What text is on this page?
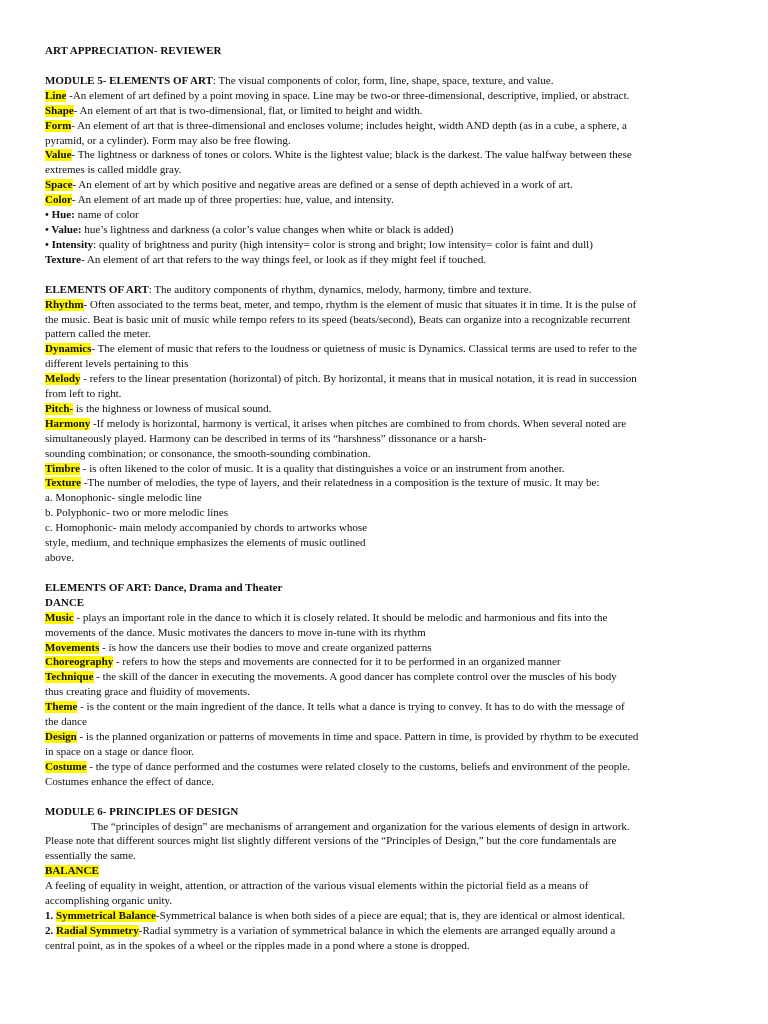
ART APPRECIATION- REVIEWER
MODULE 5- ELEMENTS OF ART: The visual components of color, form, line, shape, space, texture, and value.
Line -An element of art defined by a point moving in space. Line may be two-or three-dimensional, descriptive, implied, or abstract.
Shape- An element of art that is two-dimensional, flat, or limited to height and width.
Form- An element of art that is three-dimensional and encloses volume; includes height, width AND depth (as in a cube, a sphere, a
pyramid, or a cylinder). Form may also be free flowing.
Value- The lightness or darkness of tones or colors. White is the lightest value; black is the darkest. The value halfway between these
extremes is called middle gray.
Space- An element of art by which positive and negative areas are defined or a sense of depth achieved in a work of art.
Color- An element of art made up of three properties: hue, value, and intensity.
• Hue: name of color
• Value: hue’s lightness and darkness (a color’s value changes when white or black is added)
• Intensity: quality of brightness and purity (high intensity= color is strong and bright; low intensity= color is faint and dull)
Texture- An element of art that refers to the way things feel, or look as if they might feel if touched.
ELEMENTS OF ART: The auditory components of rhythm, dynamics, melody, harmony, timbre and texture.
Rhythm- Often associated to the terms beat, meter, and tempo, rhythm is the element of music that situates it in time. It is the pulse of
the music. Beat is basic unit of music while tempo refers to its speed (beats/second), Beats can organize into a recognizable recurrent
pattern called the meter.
Dynamics- The element of music that refers to the loudness or quietness of music is Dynamics. Classical terms are used to refer to the
different levels pertaining to this
Melody - refers to the linear presentation (horizontal) of pitch. By horizontal, it means that in musical notation, it is read in succession
from left to right.
Pitch- is the highness or lowness of musical sound.
Harmony -If melody is horizontal, harmony is vertical, it arises when pitches are combined to from chords. When several noted are
simultaneously played. Harmony can be described in terms of its “harshness” dissonance or a harsh-
sounding combination; or consonance, the smooth-sounding combination.
Timbre - is often likened to the color of music. It is a quality that distinguishes a voice or an instrument from another.
Texture -The number of melodies, the type of layers, and their relatedness in a composition is the texture of music. It may be:
a. Monophonic- single melodic line
b. Polyphonic- two or more melodic lines
c. Homophonic- main melody accompanied by chords to artworks whose
style, medium, and technique emphasizes the elements of music outlined
above.
ELEMENTS OF ART: Dance, Drama and Theater
DANCE
Music - plays an important role in the dance to which it is closely related. It should be melodic and harmonious and fits into the
movements of the dance. Music motivates the dancers to move in-tune with its rhythm
Movements - is how the dancers use their bodies to move and create organized patterns
Choreography - refers to how the steps and movements are connected for it to be performed in an organized manner
Technique - the skill of the dancer in executing the movements. A good dancer has complete control over the muscles of his body
thus creating grace and fluidity of movements.
Theme - is the content or the main ingredient of the dance. It tells what a dance is trying to convey. It has to do with the message of
the dance
Design - is the planned organization or patterns of movements in time and space. Pattern in time, is provided by rhythm to be executed
in space on a stage or dance floor.
Costume - the type of dance performed and the costumes were related closely to the customs, beliefs and environment of the people.
Costumes enhance the effect of dance.
MODULE 6- PRINCIPLES OF DESIGN
The “principles of design” are mechanisms of arrangement and organization for the various elements of design in artwork.
Please note that different sources might list slightly different versions of the “Principles of Design,” but the core fundamentals are
essentially the same.
BALANCE
A feeling of equality in weight, attention, or attraction of the various visual elements within the pictorial field as a means of
accomplishing organic unity.
1. Symmetrical Balance-Symmetrical balance is when both sides of a piece are equal; that is, they are identical or almost identical.
2. Radial Symmetry-Radial symmetry is a variation of symmetrical balance in which the elements are arranged equally around a
central point, as in the spokes of a wheel or the ripples made in a pond where a stone is dropped.
